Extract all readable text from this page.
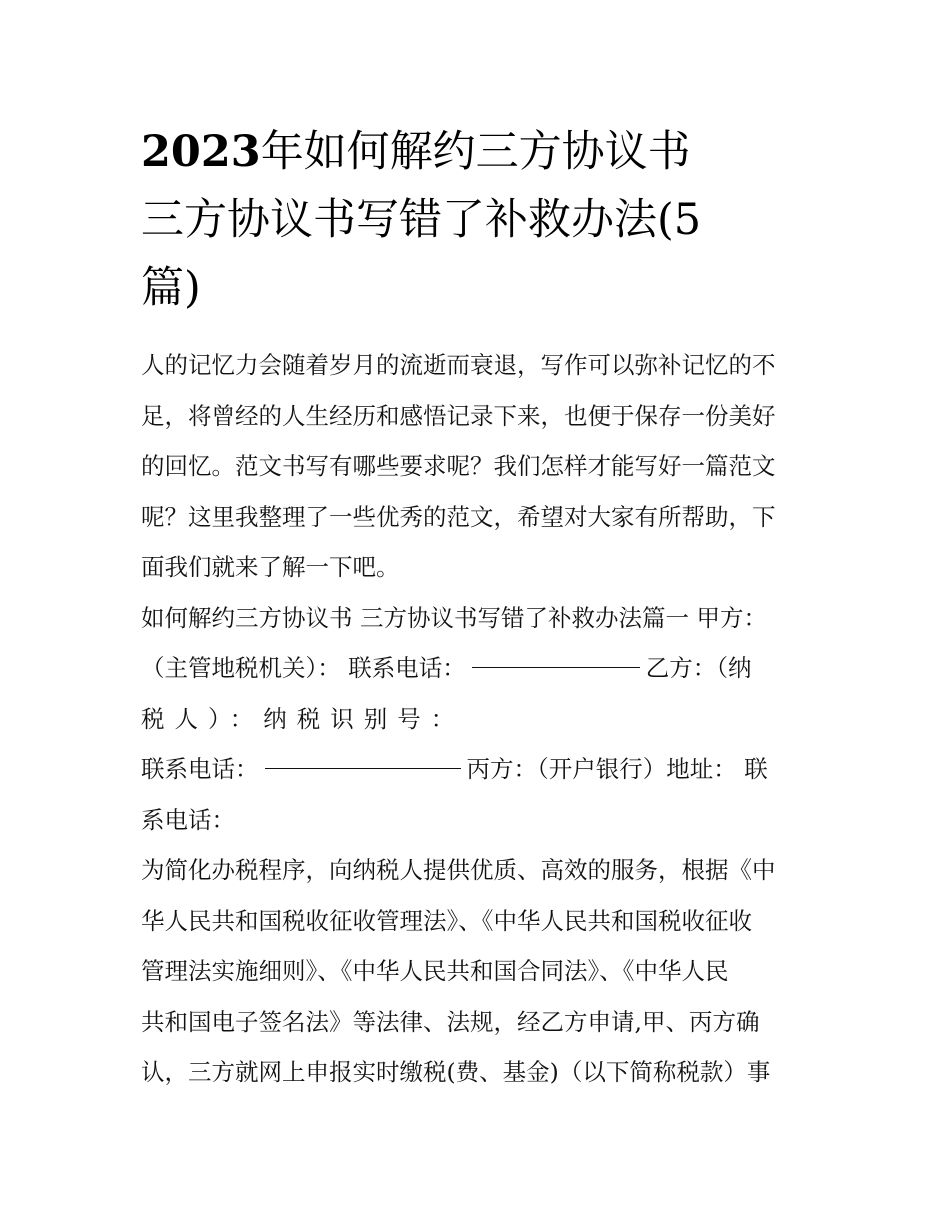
2023年如何解约三方协议书
三方协议书写错了补救办法(5
篇)

人的记忆力会随着岁月的流逝而衰退，写作可以弥补记忆的不

足，将曾经的人生经历和感悟记录下来，也便于保存一份美好

的回忆。范文书写有哪些要求呢？我们怎样才能写好一篇范文

呢？这里我整理了一些优秀的范文，希望对大家有所帮助，下

面我们就来了解一下吧。

如何解约三方协议书 三方协议书写错了补救办法篇一 甲方：

（主管地税机关）： 联系电话：	乙方：（纳

税人）：纳税识别号：

联系电话：	丙方：（开户银行）地址： 联

系电话：

为简化办税程序，向纳税人提供优质、高效的服务，根据《中

华人民共和国税收征收管理法》、《中华人民共和国税收征收

管理法实施细则》、《中华人民共和国合同法》、《中华人民

共和国电子签名法》等法律、法规，经乙方申请,甲、丙方确

认，三方就网上申报实时缴税(费、基金)（以下简称税款）事
